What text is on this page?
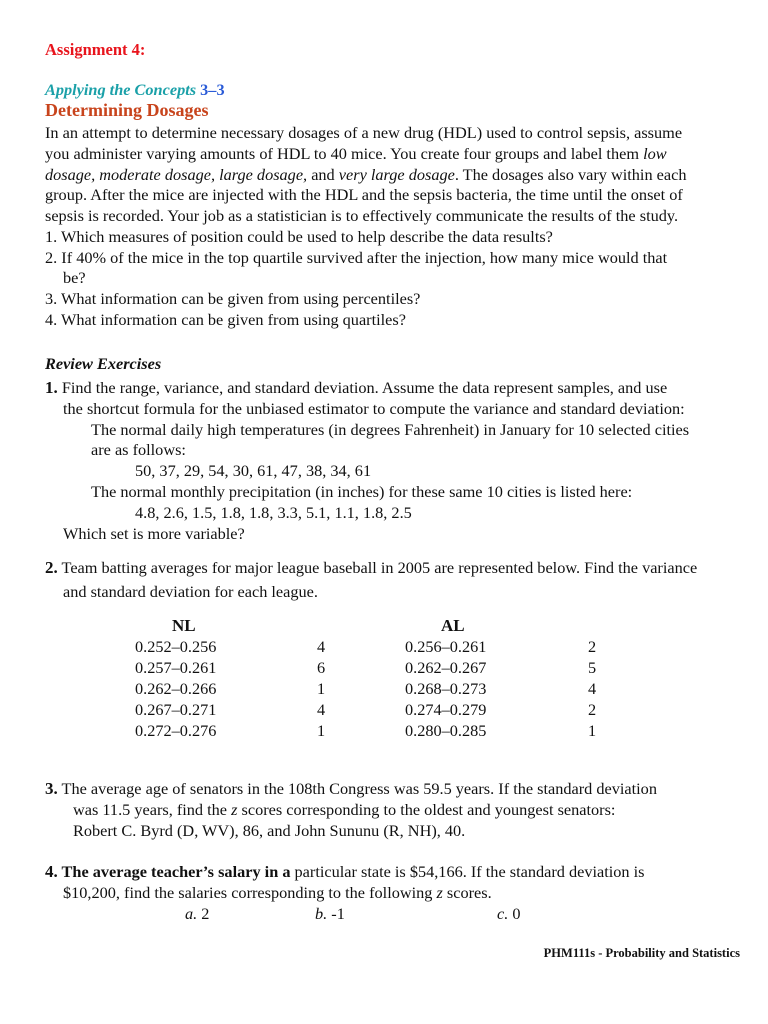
Assignment 4:
Applying the Concepts 3–3
Determining Dosages
In an attempt to determine necessary dosages of a new drug (HDL) used to control sepsis, assume
you administer varying amounts of HDL to 40 mice. You create four groups and label them low
dosage, moderate dosage, large dosage, and very large dosage. The dosages also vary within each
group. After the mice are injected with the HDL and the sepsis bacteria, the time until the onset of
sepsis is recorded. Your job as a statistician is to effectively communicate the results of the study.
1. Which measures of position could be used to help describe the data results?
2. If 40% of the mice in the top quartile survived after the injection, how many mice would that
be?
3. What information can be given from using percentiles?
4. What information can be given from using quartiles?
Review Exercises
1. Find the range, variance, and standard deviation. Assume the data represent samples, and use
the shortcut formula for the unbiased estimator to compute the variance and standard deviation:
The normal daily high temperatures (in degrees Fahrenheit) in January for 10 selected cities
are as follows:
50, 37, 29, 54, 30, 61, 47, 38, 34, 61
The normal monthly precipitation (in inches) for these same 10 cities is listed here:
4.8, 2.6, 1.5, 1.8, 1.8, 3.3, 5.1, 1.1, 1.8, 2.5
Which set is more variable?
2. Team batting averages for major league baseball in 2005 are represented below. Find the variance
and standard deviation for each league.
NL	AL
0.252–0.256	4	0.256–0.261	2
0.257–0.261	6	0.262–0.267	5
0.262–0.266	1	0.268–0.273	4
0.267–0.271	4	0.274–0.279	2
0.272–0.276	1	0.280–0.285	1
3. The average age of senators in the 108th Congress was 59.5 years. If the standard deviation
was 11.5 years, find the z scores corresponding to the oldest and youngest senators:
Robert C. Byrd (D, WV), 86, and John Sununu (R, NH), 40.
4. The average teacher’s salary in a particular state is $54,166. If the standard deviation is
$10,200, find the salaries corresponding to the following z scores.
a. 2	b. -1	c. 0
PHM111s - Probability and Statistics
